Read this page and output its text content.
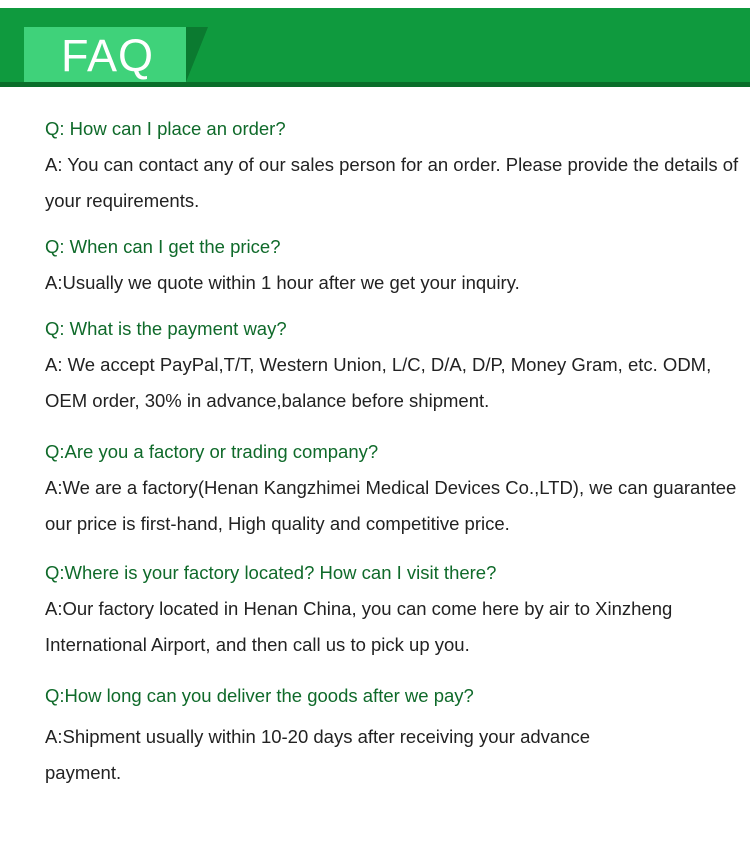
FAQ
Q: How can I place an order?
A: You can contact any of our sales person for an order. Please provide the details of your requirements.
Q: When can I get the price?
A:Usually we quote within 1 hour after we get your inquiry.
Q: What is the payment way?
A: We accept PayPal,T/T, Western Union, L/C, D/A, D/P, Money Gram, etc. ODM, OEM order, 30% in advance,balance before shipment.
Q:Are you a factory or trading company?
A:We are a factory(Henan Kangzhimei Medical Devices Co.,LTD), we can guarantee our price is first-hand, High quality and competitive price.
Q:Where is your factory located? How can I visit there?
A:Our factory located in Henan China, you can come here by air to Xinzheng International Airport, and then call us to pick up you.
Q:How long can you deliver the goods after we pay?
A:Shipment usually within 10-20 days after receiving your advance payment.
